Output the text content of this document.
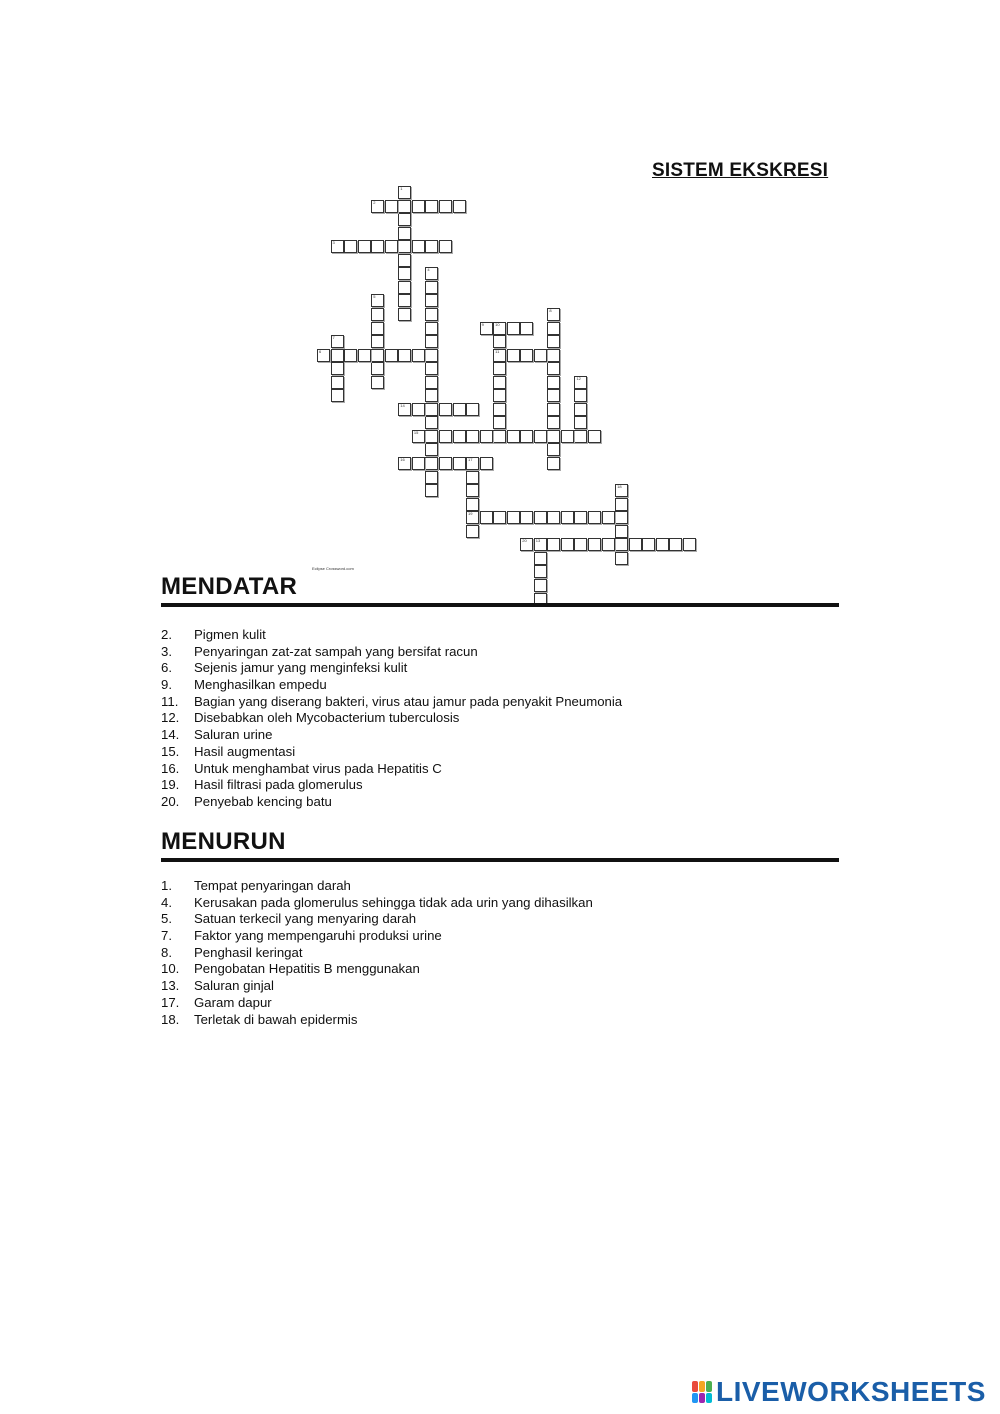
SISTEM EKSKRESI
1
2
3
4
5
6
7
8
9	10
11
12
13
14
15
16	17
19
18
20
Eclipse Crossword.com
MENDATAR
2. Pigmen kulit
3. Penyaringan zat-zat sampah yang bersifat racun
6. Sejenis jamur yang menginfeksi kulit
9. Menghasilkan empedu
11. Bagian yang diserang bakteri, virus atau jamur pada penyakit Pneumonia
12. Disebabkan oleh Mycobacterium tuberculosis
14. Saluran urine
15. Hasil augmentasi
16. Untuk menghambat virus pada Hepatitis C
19. Hasil filtrasi pada glomerulus
20. Penyebab kencing batu
MENURUN
1. Tempat penyaringan darah
4. Kerusakan pada glomerulus sehingga tidak ada urin yang dihasilkan
5. Satuan terkecil yang menyaring darah
7. Faktor yang mempengaruhi produksi urine
8. Penghasil keringat
10. Pengobatan Hepatitis B menggunakan
13. Saluran ginjal
17. Garam dapur
18. Terletak di bawah epidermis
LIVEWORKSHEETS
